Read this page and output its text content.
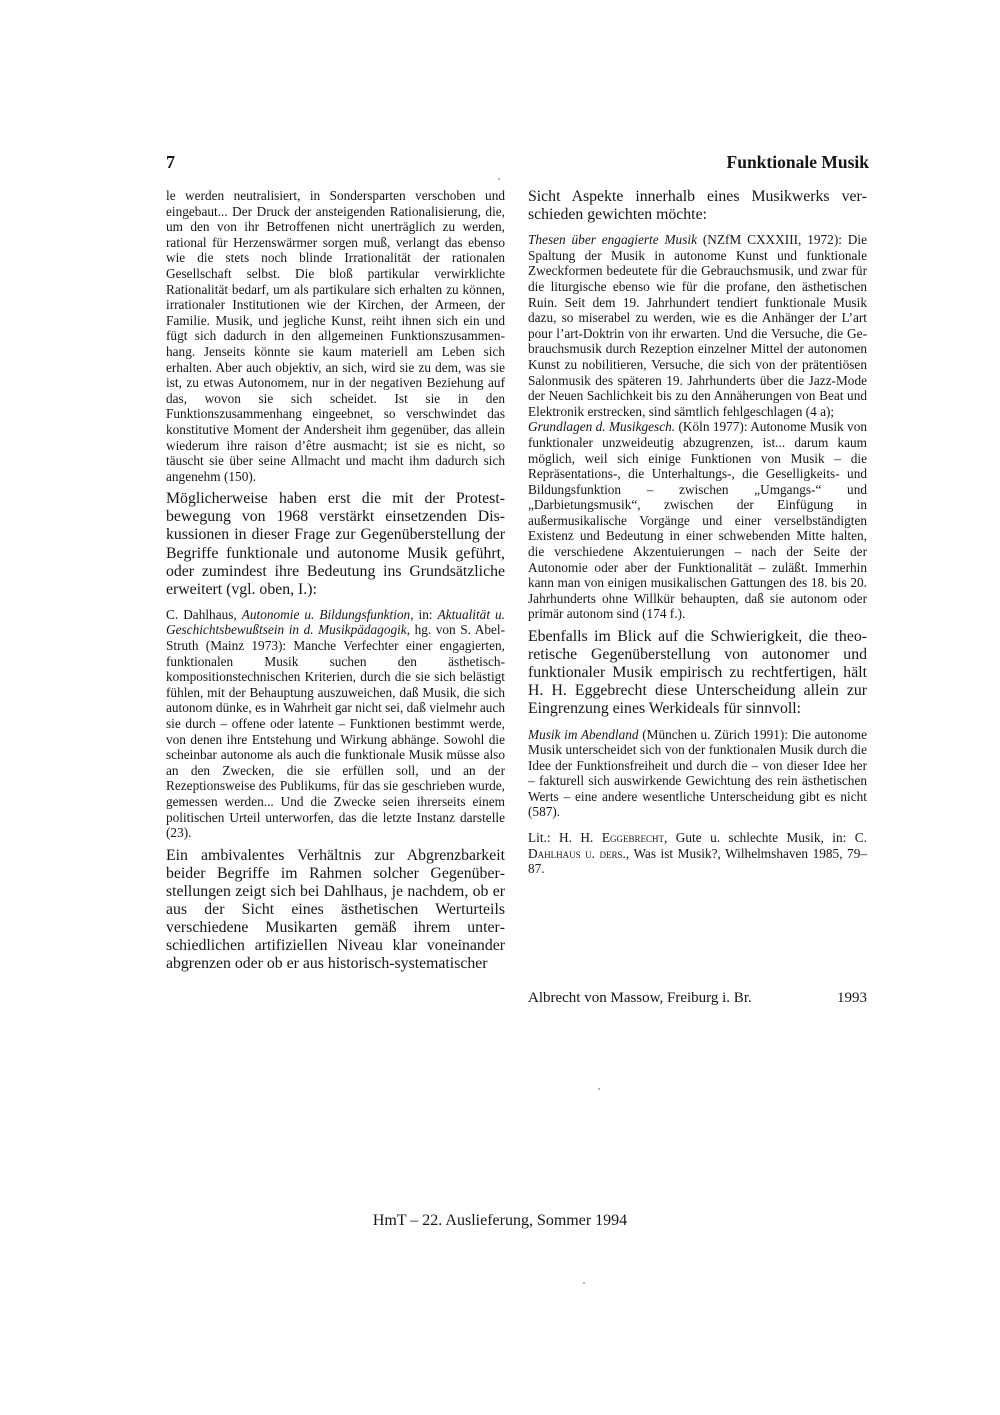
7	Funktionale Musik

le werden neutralisiert, in Sondersparten verschoben und eingebaut... Der Druck der ansteigenden Rationalisierung, die, um den von ihr Betroffenen nicht unerträglich zu werden, rational für Herzenswärmer sorgen muß, verlangt das ebenso wie die stets noch blinde Irrationalität der rationalen Gesellschaft selbst. Die bloß partikular verwirklichte Rationalität bedarf, um als partikulare sich erhalten zu können, irrationaler Institutionen wie der Kirchen, der Armeen, der Familie. Musik, und jegliche Kunst, reiht ihnen sich ein und fügt sich dadurch in den allgemeinen Funktionszusammenhang. Jenseits könnte sie kaum materiell am Leben sich erhalten. Aber auch objektiv, an sich, wird sie zu dem, was sie ist, zu etwas Autonomem, nur in der negativen Beziehung auf das, wovon sie sich scheidet. Ist sie in den Funktionszusammenhang eingeebnet, so verschwindet das konstitutive Moment der Andersheit ihm gegenüber, das allein wiederum ihre raison d’être ausmacht; ist sie es nicht, so täuscht sie über seine Allmacht und macht ihm dadurch sich angenehm (150).

Möglicherweise haben erst die mit der Protestbewegung von 1968 verstärkt einsetzenden Diskussionen in dieser Frage zur Gegenüberstellung der Begriffe funktionale und autonome Musik geführt, oder zumindest ihre Bedeutung ins Grundsätzliche erweitert (vgl. oben, I.):

C. Dahlhaus, Autonomie u. Bildungsfunktion, in: Aktualität u. Geschichtsbewußtsein in d. Musikpädagogik, hg. von S. Abel-Struth (Mainz 1973): Manche Verfechter einer engagierten, funktionalen Musik suchen den ästhetisch-kompositionstechnischen Kriterien, durch die sie sich belästigt fühlen, mit der Behauptung auszuweichen, daß Musik, die sich autonom dünke, es in Wahrheit gar nicht sei, daß vielmehr auch sie durch – offene oder latente – Funktionen bestimmt werde, von denen ihre Entstehung und Wirkung abhänge. Sowohl die scheinbar autonome als auch die funktionale Musik müsse also an den Zwecken, die sie erfüllen soll, und an der Rezeptionsweise des Publikums, für das sie geschrieben wurde, gemessen werden... Und die Zwecke seien ihrerseits einem politischen Urteil unterworfen, das die letzte Instanz darstelle (23).

Ein ambivalentes Verhältnis zur Abgrenzbarkeit beider Begriffe im Rahmen solcher Gegenüberstellungen zeigt sich bei Dahlhaus, je nachdem, ob er aus der Sicht eines ästhetischen Werturteils verschiedene Musikarten gemäß ihrem unterschiedlichen artifiziellen Niveau klar voneinander abgrenzen oder ob er aus historisch-systematischer

Sicht Aspekte innerhalb eines Musikwerks verschieden gewichten möchte:

Thesen über engagierte Musik (NZfM CXXXIII, 1972): Die Spaltung der Musik in autonome Kunst und funktionale Zweckformen bedeutete für die Gebrauchsmusik, und zwar für die liturgische ebenso wie für die profane, den ästhetischen Ruin. Seit dem 19. Jahrhundert tendiert funktionale Musik dazu, so miserabel zu werden, wie es die Anhänger der L’art pour l’art-Doktrin von ihr erwarten. Und die Versuche, die Gebrauchsmusik durch Rezeption einzelner Mittel der autonomen Kunst zu nobilitieren, Versuche, die sich von der prätentiösen Salonmusik des späteren 19. Jahrhunderts über die Jazz-Mode der Neuen Sachlichkeit bis zu den Annäherungen von Beat und Elektronik erstrecken, sind sämtlich fehlgeschlagen (4 a);
Grundlagen d. Musikgesch. (Köln 1977): Autonome Musik von funktionaler unzweideutig abzugrenzen, ist... darum kaum möglich, weil sich einige Funktionen von Musik – die Repräsentations-, die Unterhaltungs-, die Geselligkeits- und Bildungsfunktion – zwischen „Umgangs-“ und „Darbietungsmusik“, zwischen der Einfügung in außermusikalische Vorgänge und einer verselbständigten Existenz und Bedeutung in einer schwebenden Mitte halten, die verschiedene Akzentuierungen – nach der Seite der Autonomie oder aber der Funktionalität – zuläßt. Immerhin kann man von einigen musikalischen Gattungen des 18. bis 20. Jahrhunderts ohne Willkür behaupten, daß sie autonom oder primär autonom sind (174 f.).

Ebenfalls im Blick auf die Schwierigkeit, die theoretische Gegenüberstellung von autonomer und funktionaler Musik empirisch zu rechtfertigen, hält H. H. Eggebrecht diese Unterscheidung allein zur Eingrenzung eines Werkideals für sinnvoll:

Musik im Abendland (München u. Zürich 1991): Die autonome Musik unterscheidet sich von der funktionalen Musik durch die Idee der Funktionsfreiheit und durch die – von dieser Idee her – fakturell sich auswirkende Gewichtung des rein ästhetischen Werts – eine andere wesentliche Unterscheidung gibt es nicht (587).

Lit.: H. H. Eggebrecht, Gute u. schlechte Musik, in: C. Dahlhaus u. ders., Was ist Musik?, Wilhelmshaven 1985, 79–87.

Albrecht von Massow, Freiburg i. Br.	1993
HmT – 22. Auslieferung, Sommer 1994
